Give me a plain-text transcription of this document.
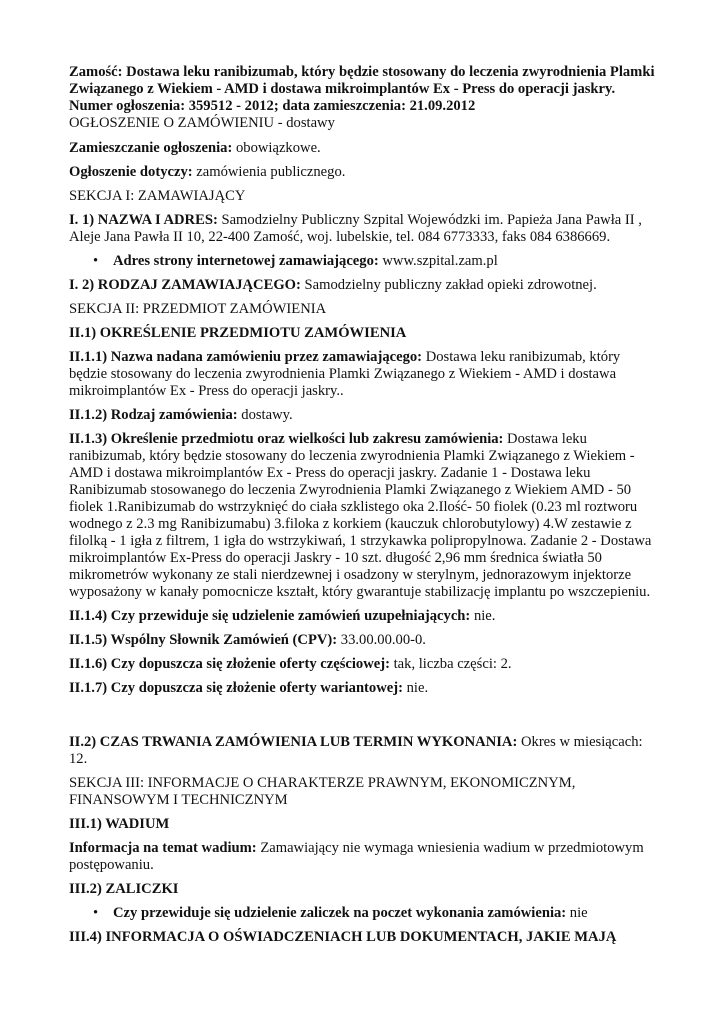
Zamość: Dostawa leku ranibizumab, który będzie stosowany do leczenia zwyrodnienia Plamki Związanego z Wiekiem - AMD i dostawa mikroimplantów Ex - Press do operacji jaskry.
Numer ogłoszenia: 359512 - 2012; data zamieszczenia: 21.09.2012
OGŁOSZENIE O ZAMÓWIENIU - dostawy

Zamieszczanie ogłoszenia: obowiązkowe.

Ogłoszenie dotyczy: zamówienia publicznego.

SEKCJA I: ZAMAWIAJĄCY

I. 1) NAZWA I ADRES: Samodzielny Publiczny Szpital Wojewódzki im. Papieża Jana Pawła II , Aleje Jana Pawła II 10, 22-400 Zamość, woj. lubelskie, tel. 084 6773333, faks 084 6386669.

• Adres strony internetowej zamawiającego: www.szpital.zam.pl

I. 2) RODZAJ ZAMAWIAJĄCEGO: Samodzielny publiczny zakład opieki zdrowotnej.

SEKCJA II: PRZEDMIOT ZAMÓWIENIA

II.1) OKREŚLENIE PRZEDMIOTU ZAMÓWIENIA

II.1.1) Nazwa nadana zamówieniu przez zamawiającego: Dostawa leku ranibizumab, który będzie stosowany do leczenia zwyrodnienia Plamki Związanego z Wiekiem - AMD i dostawa mikroimplantów Ex - Press do operacji jaskry..

II.1.2) Rodzaj zamówienia: dostawy.

II.1.3) Określenie przedmiotu oraz wielkości lub zakresu zamówienia: Dostawa leku ranibizumab, który będzie stosowany do leczenia zwyrodnienia Plamki Związanego z Wiekiem - AMD i dostawa mikroimplantów Ex - Press do operacji jaskry. Zadanie 1 - Dostawa leku Ranibizumab stosowanego do leczenia Zwyrodnienia Plamki Związanego z Wiekiem AMD - 50 fiolek 1.Ranibizumab do wstrzyknięć do ciała szklistego oka 2.Ilość- 50 fiolek (0.23 ml roztworu wodnego z 2.3 mg Ranibizumabu) 3.filoka z korkiem (kauczuk chlorobutylowy) 4.W zestawie z filolką - 1 igła z filtrem, 1 igła do wstrzykiwań, 1 strzykawka polipropylnowa. Zadanie 2 - Dostawa mikroimplantów Ex-Press do operacji Jaskry - 10 szt. długość 2,96 mm średnica światła 50 mikrometrów wykonany ze stali nierdzewnej i osadzony w sterylnym, jednorazowym injektorze wyposażony w kanały pomocnicze kształt, który gwarantuje stabilizację implantu po wszczepieniu.

II.1.4) Czy przewiduje się udzielenie zamówień uzupełniających: nie.

II.1.5) Wspólny Słownik Zamówień (CPV): 33.00.00.00-0.

II.1.6) Czy dopuszcza się złożenie oferty częściowej: tak, liczba części: 2.

II.1.7) Czy dopuszcza się złożenie oferty wariantowej: nie.

II.2) CZAS TRWANIA ZAMÓWIENIA LUB TERMIN WYKONANIA: Okres w miesiącach: 12.

SEKCJA III: INFORMACJE O CHARAKTERZE PRAWNYM, EKONOMICZNYM, FINANSOWYM I TECHNICZNYM

III.1) WADIUM

Informacja na temat wadium: Zamawiający nie wymaga wniesienia wadium w przedmiotowym postępowaniu.

III.2) ZALICZKI

• Czy przewiduje się udzielenie zaliczek na poczet wykonania zamówienia: nie

III.4) INFORMACJA O OŚWIADCZENIACH LUB DOKUMENTACH, JAKIE MAJĄ
